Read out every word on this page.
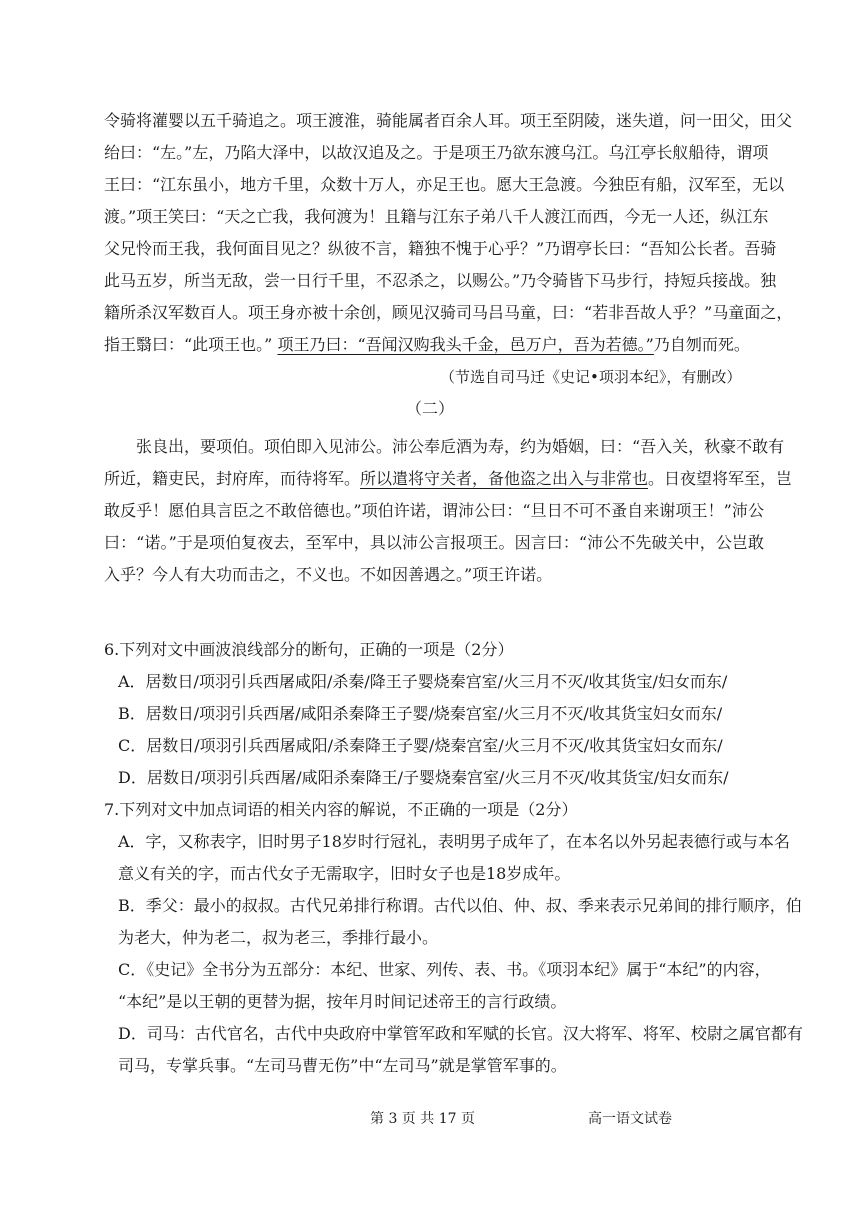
令骑将灌婴以五千骑追之。项王渡淮，骑能属者百余人耳。项王至阴陵，迷失道，问一田父，田父
绐曰：“左。”左，乃陷大泽中，以故汉追及之。于是项王乃欲东渡乌江。乌江亭长舣船待，谓项
王曰：“江东虽小，地方千里，众数十万人，亦足王也。愿大王急渡。今独臣有船，汉军至，无以
渡。”项王笑曰：“天之亡我，我何渡为！且籍与江东子弟八千人渡江而西，今无一人还，纵江东
父兄怜而王我，我何面目见之？纵彼不言，籍独不愧于心乎？”乃谓亭长曰：“吾知公长者。吾骑
此马五岁，所当无敌，尝一日行千里，不忍杀之，以赐公。”乃令骑皆下马步行，持短兵接战。独
籍所杀汉军数百人。项王身亦被十余创，顾见汉骑司马吕马童，曰：“若非吾故人乎？”马童面之，
指王翳曰：“此项王也。” 项王乃曰：“吾闻汉购我头千金，邑万户，吾为若德。”乃自刎而死。
（节选自司马迁《史记•项羽本纪》，有删改）
（二）
张良出，要项伯。项伯即入见沛公。沛公奉卮酒为寿，约为婚姻，曰：“吾入关，秋豪不敢有
所近，籍吏民，封府库，而待将军。所以遣将守关者，备他盗之出入与非常也。日夜望将军至，岂
敢反乎！愿伯具言臣之不敢倍德也。”项伯许诺，谓沛公曰：“旦日不可不蚤自来谢项王！”沛公
曰：“诺。”于是项伯复夜去，至军中，具以沛公言报项王。因言曰：“沛公不先破关中，公岂敢
入乎？今人有大功而击之，不义也。不如因善遇之。”项王许诺。
6.下列对文中画波浪线部分的断句，正确的一项是（2分）
A．居数日/项羽引兵西屠咸阳/杀秦/降王子婴烧秦宫室/火三月不灭/收其货宝/妇女而东/
B．居数日/项羽引兵西屠/咸阳杀秦降王子婴/烧秦宫室/火三月不灭/收其货宝妇女而东/
C．居数日/项羽引兵西屠咸阳/杀秦降王子婴/烧秦宫室/火三月不灭/收其货宝妇女而东/
D．居数日/项羽引兵西屠/咸阳杀秦降王/子婴烧秦宫室/火三月不灭/收其货宝/妇女而东/
7.下列对文中加点词语的相关内容的解说，不正确的一项是（2分）
A．字，又称表字，旧时男子18岁时行冠礼，表明男子成年了，在本名以外另起表德行或与本名
意义有关的字，而古代女子无需取字，旧时女子也是18岁成年。
B．季父：最小的叔叔。古代兄弟排行称谓。古代以伯、仲、叔、季来表示兄弟间的排行顺序，伯
为老大，仲为老二，叔为老三，季排行最小。
C．《史记》全书分为五部分：本纪、世家、列传、表、书。《项羽本纪》属于“本纪”的内容，
“本纪”是以王朝的更替为据，按年月时间记述帝王的言行政绩。
D．司马：古代官名，古代中央政府中掌管军政和军赋的长官。汉大将军、将军、校尉之属官都有
司马，专掌兵事。“左司马曹无伤”中“左司马”就是掌管军事的。
第 3 页 共 17 页	高一语文试卷
